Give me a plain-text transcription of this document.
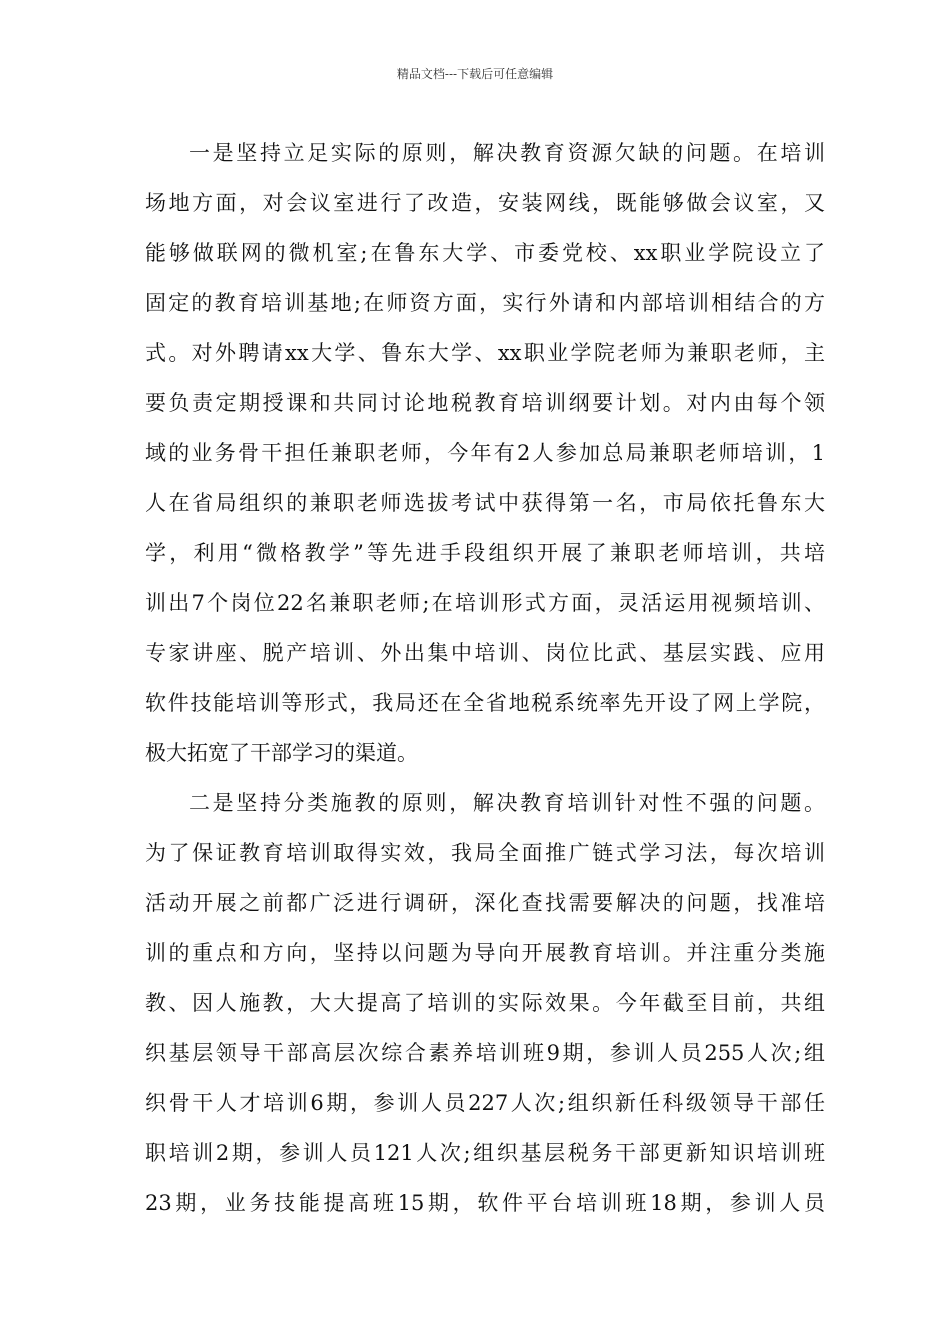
精品文档---下载后可任意编辑
一是坚持立足实际的原则，解决教育资源欠缺的问题。在培训
场地方面，对会议室进行了改造，安装网线，既能够做会议室，又
能够做联网的微机室;在鲁东大学、市委党校、xx职业学院设立了
固定的教育培训基地;在师资方面，实行外请和内部培训相结合的方
式。对外聘请xx大学、鲁东大学、xx职业学院老师为兼职老师，主
要负责定期授课和共同讨论地税教育培训纲要计划。对内由每个领
域的业务骨干担任兼职老师，今年有2人参加总局兼职老师培训，1
人在省局组织的兼职老师选拔考试中获得第一名，市局依托鲁东大
学，利用“微格教学”等先进手段组织开展了兼职老师培训，共培
训出7个岗位22名兼职老师;在培训形式方面，灵活运用视频培训、
专家讲座、脱产培训、外出集中培训、岗位比武、基层实践、应用
软件技能培训等形式，我局还在全省地税系统率先开设了网上学院，
极大拓宽了干部学习的渠道。
二是坚持分类施教的原则，解决教育培训针对性不强的问题。
为了保证教育培训取得实效，我局全面推广链式学习法，每次培训
活动开展之前都广泛进行调研，深化查找需要解决的问题，找准培
训的重点和方向，坚持以问题为导向开展教育培训。并注重分类施
教、因人施教，大大提高了培训的实际效果。今年截至目前，共组
织基层领导干部高层次综合素养培训班9期，参训人员255人次;组
织骨干人才培训6期，参训人员227人次;组织新任科级领导干部任
职培训2期，参训人员121人次;组织基层税务干部更新知识培训班
23期，业务技能提高班15期，软件平台培训班18期，参训人员
